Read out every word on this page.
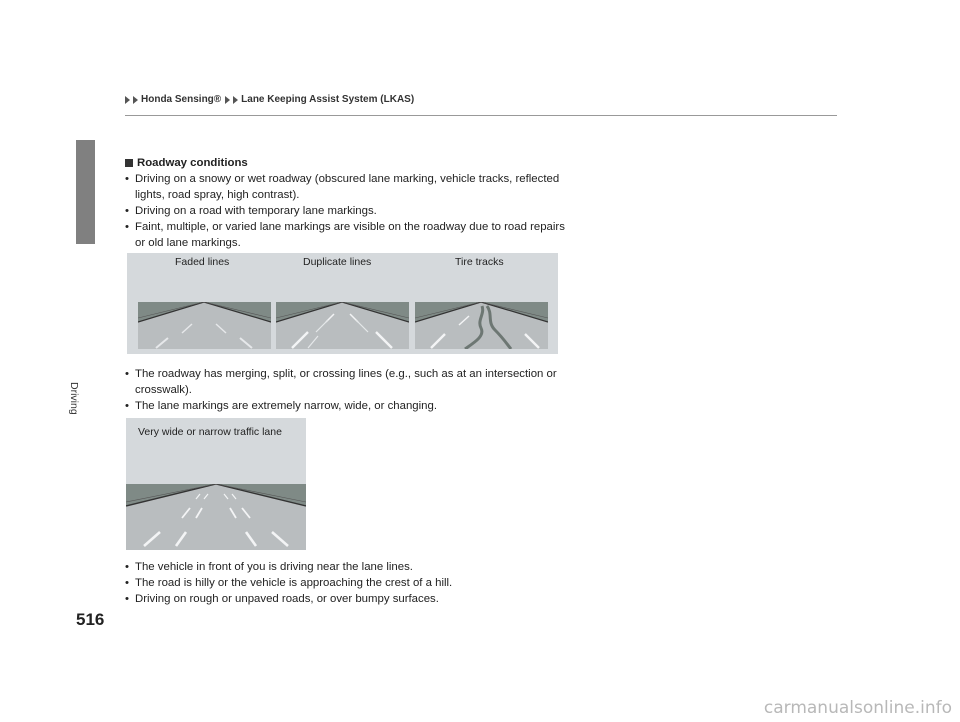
Honda Sensing® Lane Keeping Assist System (LKAS)
Driving
516
Roadway conditions
• Driving on a snowy or wet roadway (obscured lane marking, vehicle tracks, reflected lights, road spray, high contrast).
• Driving on a road with temporary lane markings.
• Faint, multiple, or varied lane markings are visible on the roadway due to road repairs or old lane markings.
Faded lines	Duplicate lines	Tire tracks
• The roadway has merging, split, or crossing lines (e.g., such as at an intersection or crosswalk).
• The lane markings are extremely narrow, wide, or changing.
Very wide or narrow traffic lane
• The vehicle in front of you is driving near the lane lines.
• The road is hilly or the vehicle is approaching the crest of a hill.
• Driving on rough or unpaved roads, or over bumpy surfaces.
carmanualsonline.info
